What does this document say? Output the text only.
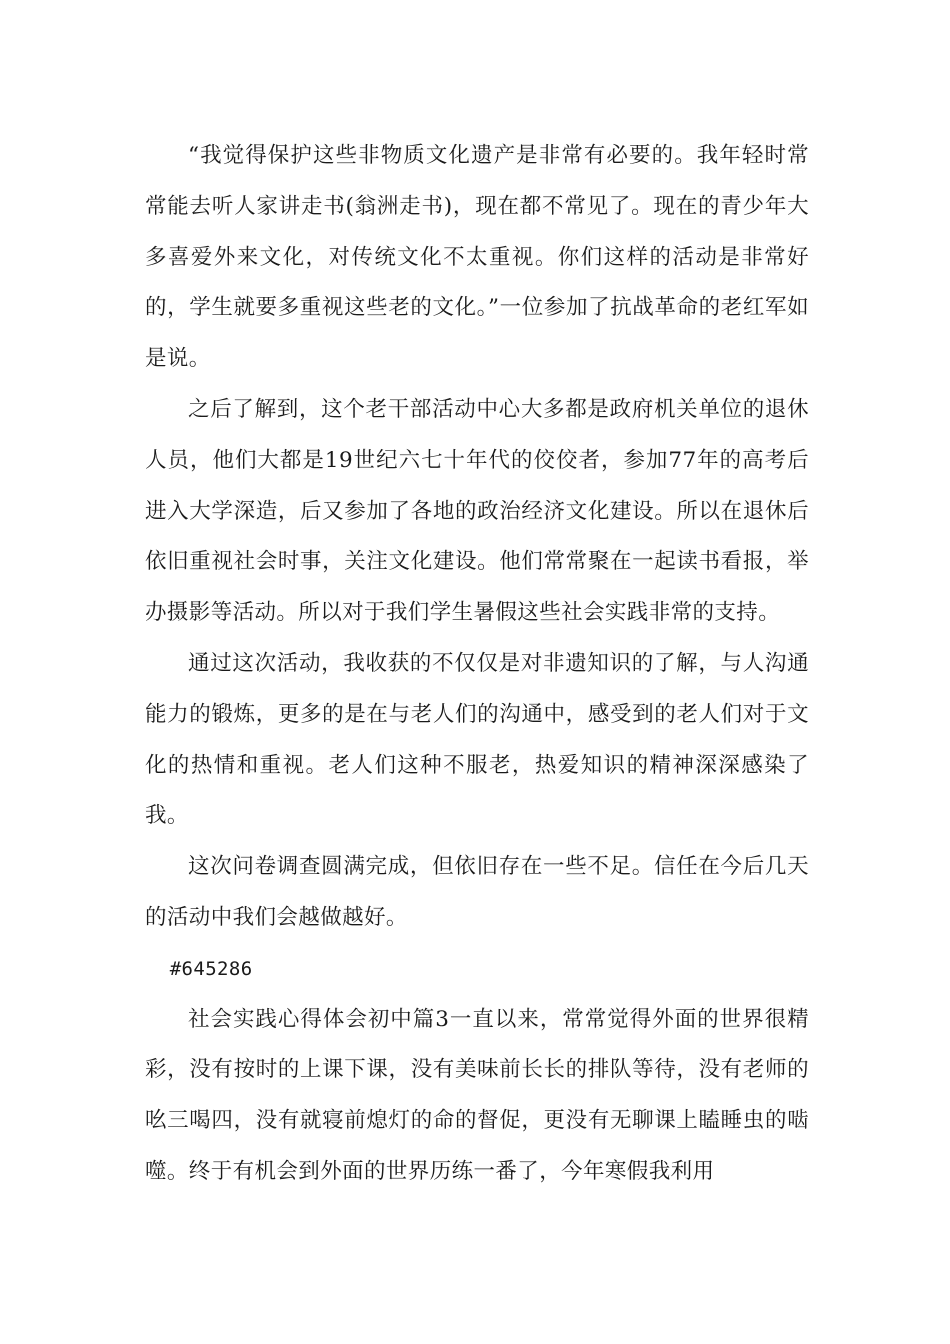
“我觉得保护这些非物质文化遗产是非常有必要的。我年轻时常常能去听人家讲走书(翁洲走书)，现在都不常见了。现在的青少年大多喜爱外来文化，对传统文化不太重视。你们这样的活动是非常好的，学生就要多重视这些老的文化。”一位参加了抗战革命的老红军如是说。

之后了解到，这个老干部活动中心大多都是政府机关单位的退休人员，他们大都是19世纪六七十年代的佼佼者，参加77年的高考后进入大学深造，后又参加了各地的政治经济文化建设。所以在退休后依旧重视社会时事，关注文化建设。他们常常聚在一起读书看报，举办摄影等活动。所以对于我们学生暑假这些社会实践非常的支持。

通过这次活动，我收获的不仅仅是对非遗知识的了解，与人沟通能力的锻炼，更多的是在与老人们的沟通中，感受到的老人们对于文化的热情和重视。老人们这种不服老，热爱知识的精神深深感染了我。

这次问卷调查圆满完成，但依旧存在一些不足。信任在今后几天的活动中我们会越做越好。

#645286

社会实践心得体会初中篇3一直以来，常常觉得外面的世界很精彩，没有按时的上课下课，没有美味前长长的排队等待，没有老师的吆三喝四，没有就寝前熄灯的命的督促，更没有无聊课上瞌睡虫的啮噬。终于有机会到外面的世界历练一番了，今年寒假我利用
